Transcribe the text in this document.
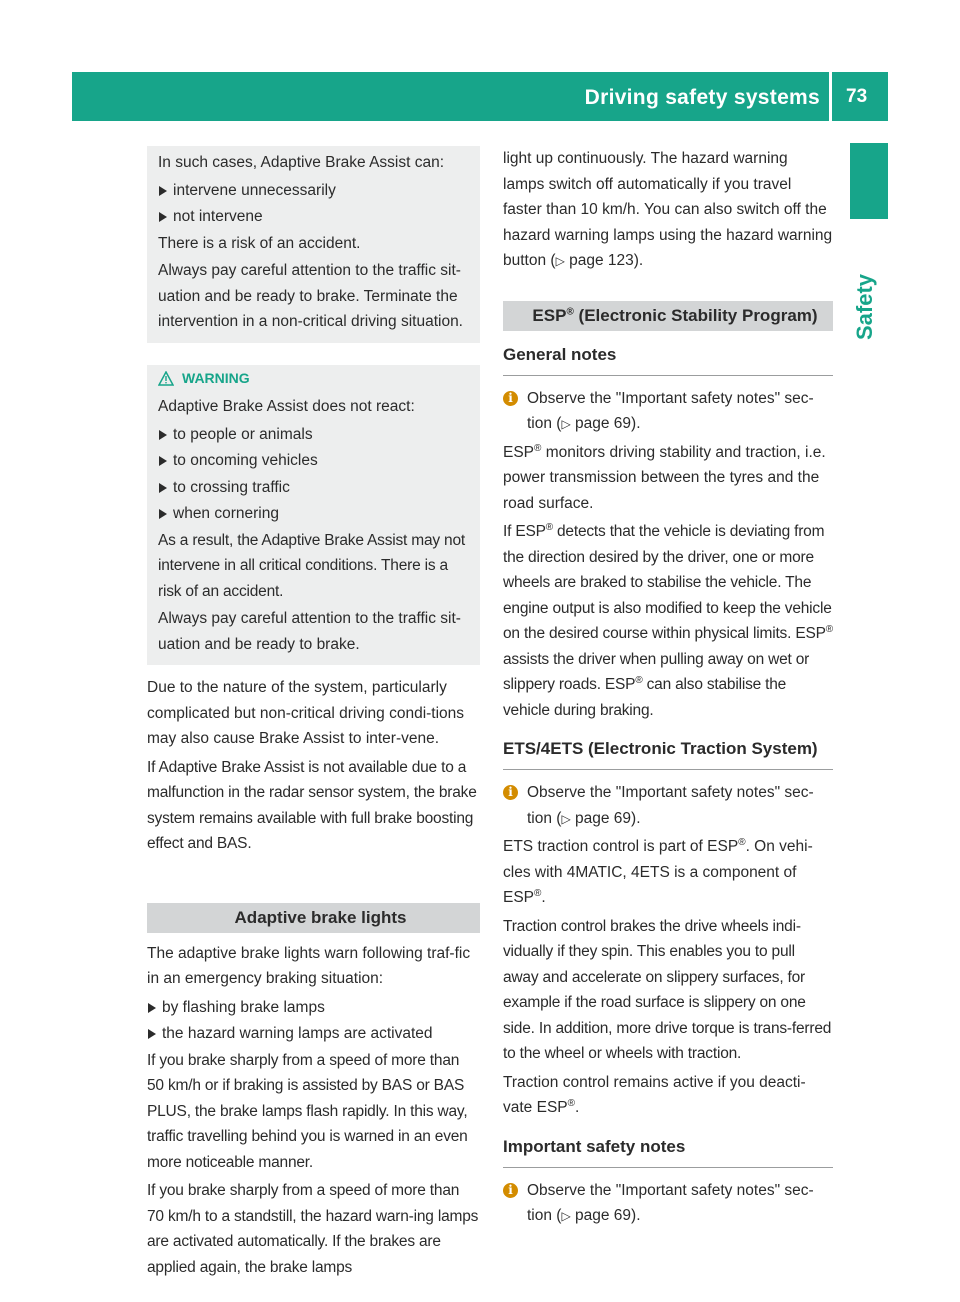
Driving safety systems 73
Safety

In such cases, Adaptive Brake Assist can:

intervene unnecessarily
not intervene

There is a risk of an accident.

Always pay careful attention to the traffic sit-uation and be ready to brake. Terminate the intervention in a non-critical driving situation.

WARNING

Adaptive Brake Assist does not react:

to people or animals
to oncoming vehicles
to crossing traffic
when cornering

As a result, the Adaptive Brake Assist may not intervene in all critical conditions. There is a risk of an accident.

Always pay careful attention to the traffic sit-uation and be ready to brake.

Due to the nature of the system, particularly complicated but non-critical driving condi-tions may also cause Brake Assist to inter-vene.

If Adaptive Brake Assist is not available due to a malfunction in the radar sensor system, the brake system remains available with full brake boosting effect and BAS.

Adaptive brake lights

The adaptive brake lights warn following traf-fic in an emergency braking situation:

by flashing brake lamps
the hazard warning lamps are activated

If you brake sharply from a speed of more than 50 km/h or if braking is assisted by BAS or BAS PLUS, the brake lamps flash rapidly. In this way, traffic travelling behind you is warned in an even more noticeable manner.

If you brake sharply from a speed of more than 70 km/h to a standstill, the hazard warn-ing lamps are activated automatically. If the brakes are applied again, the brake lamps

light up continuously. The hazard warning lamps switch off automatically if you travel faster than 10 km/h. You can also switch off the hazard warning lamps using the hazard warning button (▷ page 123).

ESP® (Electronic Stability Program)
General notes
i Observe the "Important safety notes" sec-tion (▷ page 69).

ESP® monitors driving stability and traction, i.e. power transmission between the tyres and the road surface.

If ESP® detects that the vehicle is deviating from the direction desired by the driver, one or more wheels are braked to stabilise the vehicle. The engine output is also modified to keep the vehicle on the desired course within physical limits. ESP® assists the driver when pulling away on wet or slippery roads. ESP® can also stabilise the vehicle during braking.

ETS/4ETS (Electronic Traction System)
i Observe the "Important safety notes" sec-tion (▷ page 69).

ETS traction control is part of ESP®. On vehi-cles with 4MATIC, 4ETS is a component of ESP®.

Traction control brakes the drive wheels indi-vidually if they spin. This enables you to pull away and accelerate on slippery surfaces, for example if the road surface is slippery on one side. In addition, more drive torque is trans-ferred to the wheel or wheels with traction.

Traction control remains active if you deacti-vate ESP®.

Important safety notes
i Observe the "Important safety notes" sec-tion (▷ page 69).
